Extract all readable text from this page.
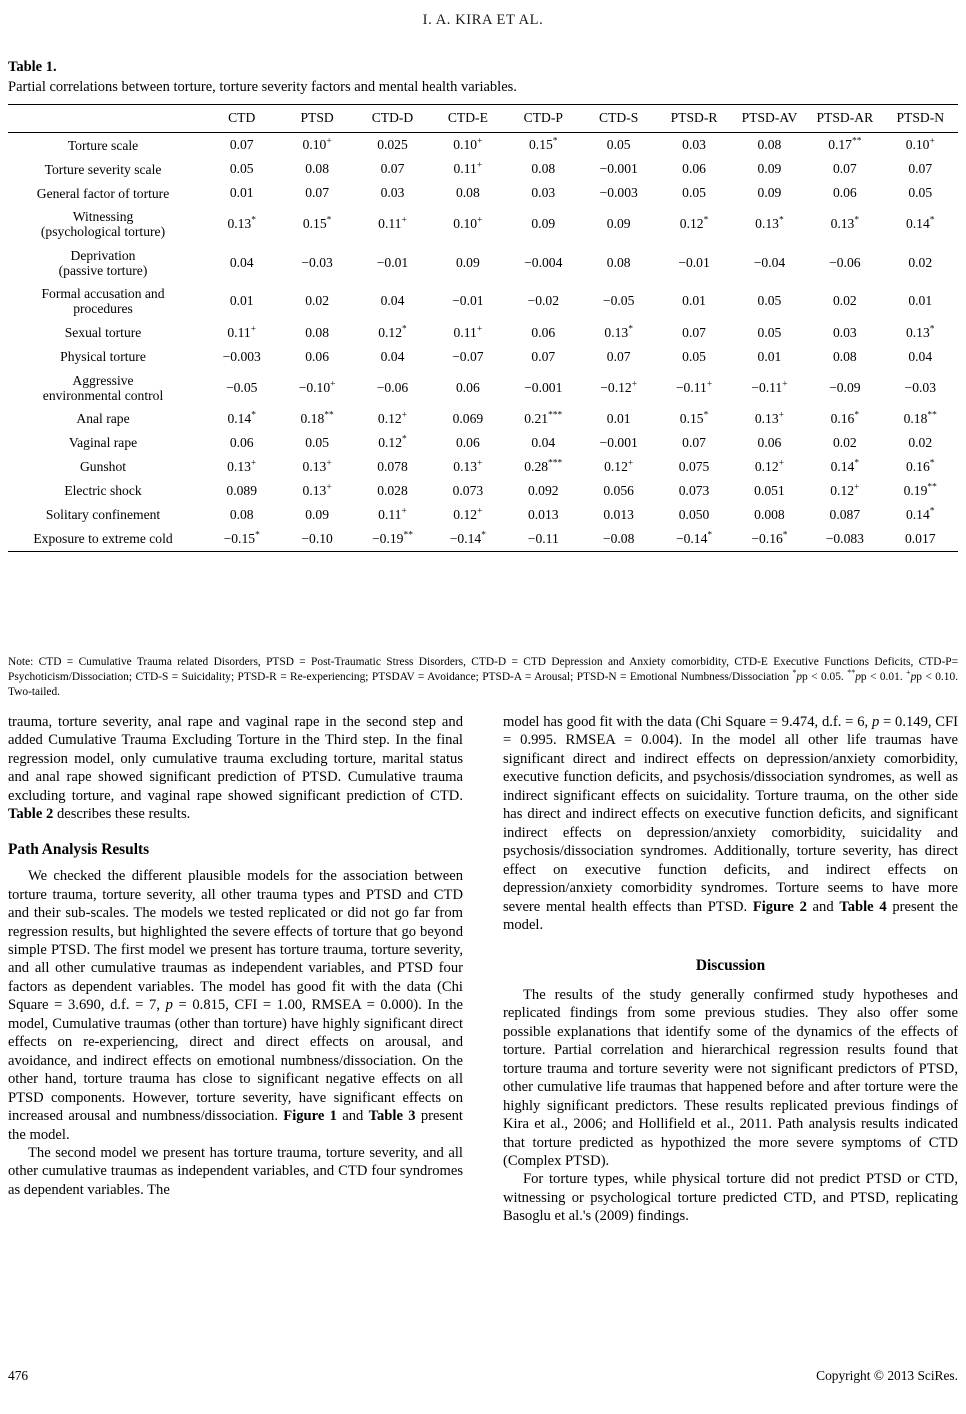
I. A. KIRA ET AL.
Table 1.
Partial correlations between torture, torture severity factors and mental health variables.
	CTD	PTSD	CTD-D	CTD-E	CTD-P	CTD-S	PTSD-R	PTSD-AV	PTSD-AR	PTSD-N
Torture scale	0.07	0.10+	0.025	0.10+	0.15*	0.05	0.03	0.08	0.17**	0.10+
Torture severity scale	0.05	0.08	0.07	0.11+	0.08	−0.001	0.06	0.09	0.07	0.07
General factor of torture	0.01	0.07	0.03	0.08	0.03	−0.003	0.05	0.09	0.06	0.05
Witnessing
(psychological torture)	0.13*	0.15*	0.11+	0.10+	0.09	0.09	0.12*	0.13*	0.13*	0.14*
Deprivation
(passive torture)	0.04	−0.03	−0.01	0.09	−0.004	0.08	−0.01	−0.04	−0.06	0.02
Formal accusation and
procedures	0.01	0.02	0.04	−0.01	−0.02	−0.05	0.01	0.05	0.02	0.01
Sexual torture	0.11+	0.08	0.12*	0.11+	0.06	0.13*	0.07	0.05	0.03	0.13*
Physical torture	−0.003	0.06	0.04	−0.07	0.07	0.07	0.05	0.01	0.08	0.04
Aggressive
environmental control	−0.05	−0.10+	−0.06	0.06	−0.001	−0.12+	−0.11+	−0.11+	−0.09	−0.03
Anal rape	0.14*	0.18**	0.12+	0.069	0.21***	0.01	0.15*	0.13+	0.16*	0.18**
Vaginal rape	0.06	0.05	0.12*	0.06	0.04	−0.001	0.07	0.06	0.02	0.02
Gunshot	0.13+	0.13+	0.078	0.13+	0.28***	0.12+	0.075	0.12+	0.14*	0.16*
Electric shock	0.089	0.13+	0.028	0.073	0.092	0.056	0.073	0.051	0.12+	0.19**
Solitary confinement	0.08	0.09	0.11+	0.12+	0.013	0.013	0.050	0.008	0.087	0.14*
Exposure to extreme cold	−0.15*	−0.10	−0.19**	−0.14*	−0.11	−0.08	−0.14*	−0.16*	−0.083	0.017
Note: CTD = Cumulative Trauma related Disorders, PTSD = Post-Traumatic Stress Disorders, CTD-D = CTD Depression and Anxiety comorbidity, CTD-E Executive Functions Deficits, CTD-P= Psychoticism/Dissociation; CTD-S = Suicidality; PTSD-R = Re-experiencing; PTSDAV = Avoidance; PTSD-A = Arousal; PTSD-N = Emotional Numbness/Dissociation *pp < 0.05. **pp < 0.01. +pp < 0.10. Two-tailed.

trauma, torture severity, anal rape and vaginal rape in the second step and added Cumulative Trauma Excluding Torture in the Third step. In the final regression model, only cumulative trauma excluding torture, marital status and anal rape showed significant prediction of PTSD. Cumulative trauma excluding torture, and vaginal rape showed significant prediction of CTD. Table 2 describes these results.

Path Analysis Results

We checked the different plausible models for the association between torture trauma, torture severity, all other trauma types and PTSD and CTD and their sub-scales. The models we tested replicated or did not go far from regression results, but highlighted the severe effects of torture that go beyond simple PTSD. The first model we present has torture trauma, torture severity, and all other cumulative traumas as independent variables, and PTSD four factors as dependent variables. The model has good fit with the data (Chi Square = 3.690, d.f. = 7, p = 0.815, CFI = 1.00, RMSEA = 0.000). In the model, Cumulative traumas (other than torture) have highly significant direct effects on re-experiencing, direct and direct effects on arousal, and avoidance, and indirect effects on emotional numbness/dissociation. On the other hand, torture trauma has close to significant negative effects on all PTSD components. However, torture severity, have significant effects on increased arousal and numbness/dissociation. Figure 1 and Table 3 present the model.

The second model we present has torture trauma, torture severity, and all other cumulative traumas as independent variables, and CTD four syndromes as dependent variables. The

model has good fit with the data (Chi Square = 9.474, d.f. = 6, p = 0.149, CFI = 0.995. RMSEA = 0.004). In the model all other life traumas have significant direct and indirect effects on depression/anxiety comorbidity, executive function deficits, and psychosis/dissociation syndromes, as well as indirect significant effects on suicidality. Torture trauma, on the other side has direct and indirect effects on executive function deficits, and significant indirect effects on depression/anxiety comorbidity, suicidality and psychosis/dissociation syndromes. Additionally, torture severity, has direct effect on executive function deficits, and indirect effects on depression/anxiety comorbidity syndromes. Torture seems to have more severe mental health effects than PTSD. Figure 2 and Table 4 present the model.

Discussion

The results of the study generally confirmed study hypotheses and replicated findings from some previous studies. They also offer some possible explanations that identify some of the dynamics of the effects of torture. Partial correlation and hierarchical regression results found that torture trauma and torture severity were not significant predictors of PTSD, other cumulative life traumas that happened before and after torture were the highly significant predictors. These results replicated previous findings of Kira et al., 2006; and Hollifield et al., 2011. Path analysis results indicated that torture predicted as hypothized the more severe symptoms of CTD (Complex PTSD).

For torture types, while physical torture did not predict PTSD or CTD, witnessing or psychological torture predicted CTD, and PTSD, replicating Basoglu et al.'s (2009) findings.

476	Copyright © 2013 SciRes.
